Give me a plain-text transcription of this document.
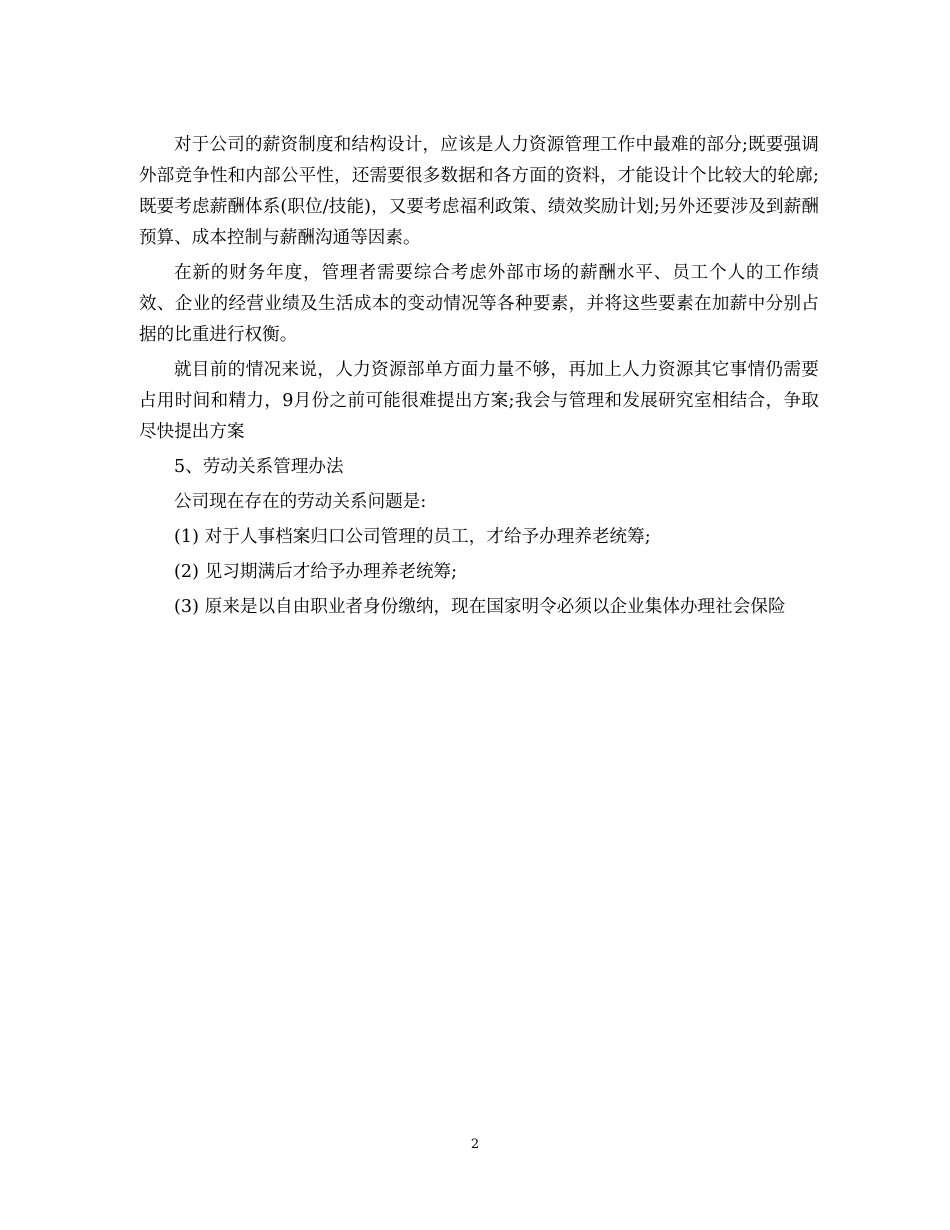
对于公司的薪资制度和结构设计，应该是人力资源管理工作中最难的部分;既要强调外部竞争性和内部公平性，还需要很多数据和各方面的资料，才能设计个比较大的轮廓;既要考虑薪酬体系(职位/技能)，又要考虑福利政策、绩效奖励计划;另外还要涉及到薪酬预算、成本控制与薪酬沟通等因素。

在新的财务年度，管理者需要综合考虑外部市场的薪酬水平、员工个人的工作绩效、企业的经营业绩及生活成本的变动情况等各种要素，并将这些要素在加薪中分别占据的比重进行权衡。

就目前的情况来说，人力资源部单方面力量不够，再加上人力资源其它事情仍需要占用时间和精力，9月份之前可能很难提出方案;我会与管理和发展研究室相结合，争取尽快提出方案

5、劳动关系管理办法

公司现在存在的劳动关系问题是:

(1) 对于人事档案归口公司管理的员工，才给予办理养老统筹;

(2) 见习期满后才给予办理养老统筹;

(3) 原来是以自由职业者身份缴纳，现在国家明令必须以企业集体办理社会保险

2
